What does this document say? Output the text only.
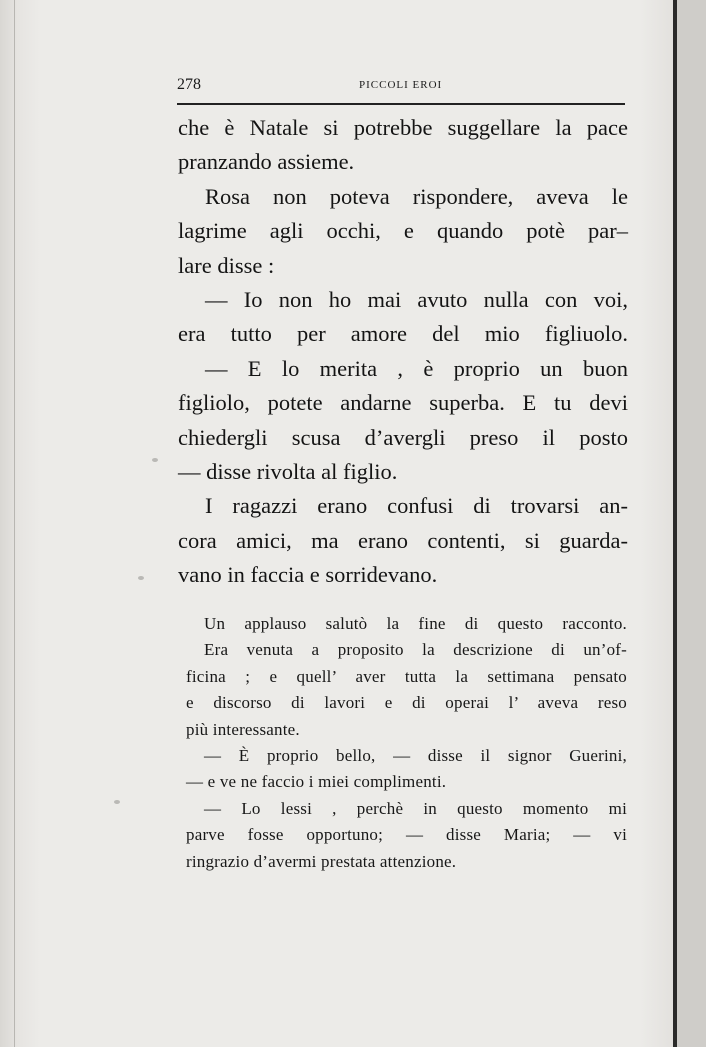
278	PICCOLI EROI
che è Natale si potrebbe suggellare la pace
pranzando assieme.
Rosa non poteva rispondere, aveva le
lagrime agli occhi, e quando potè par–
lare disse :
— Io non ho mai avuto nulla con voi,
era tutto per amore del mio figliuolo.
— E lo merita , è proprio un buon
figliolo, potete andarne superba. E tu devi
chiedergli scusa d’avergli preso il posto
— disse rivolta al figlio.
I ragazzi erano confusi di trovarsi an-
cora amici, ma erano contenti, si guarda-
vano in faccia e sorridevano.
Un applauso salutò la fine di questo racconto.
Era venuta a proposito la descrizione di un’of-
ficina ; e quell’ aver tutta la settimana pensato
e discorso di lavori e di operai l’ aveva reso
più interessante.
— È proprio bello, — disse il signor Guerini,
— e ve ne faccio i miei complimenti.
— Lo lessi , perchè in questo momento mi
parve fosse opportuno; — disse Maria; — vi
ringrazio d’avermi prestata attenzione.
